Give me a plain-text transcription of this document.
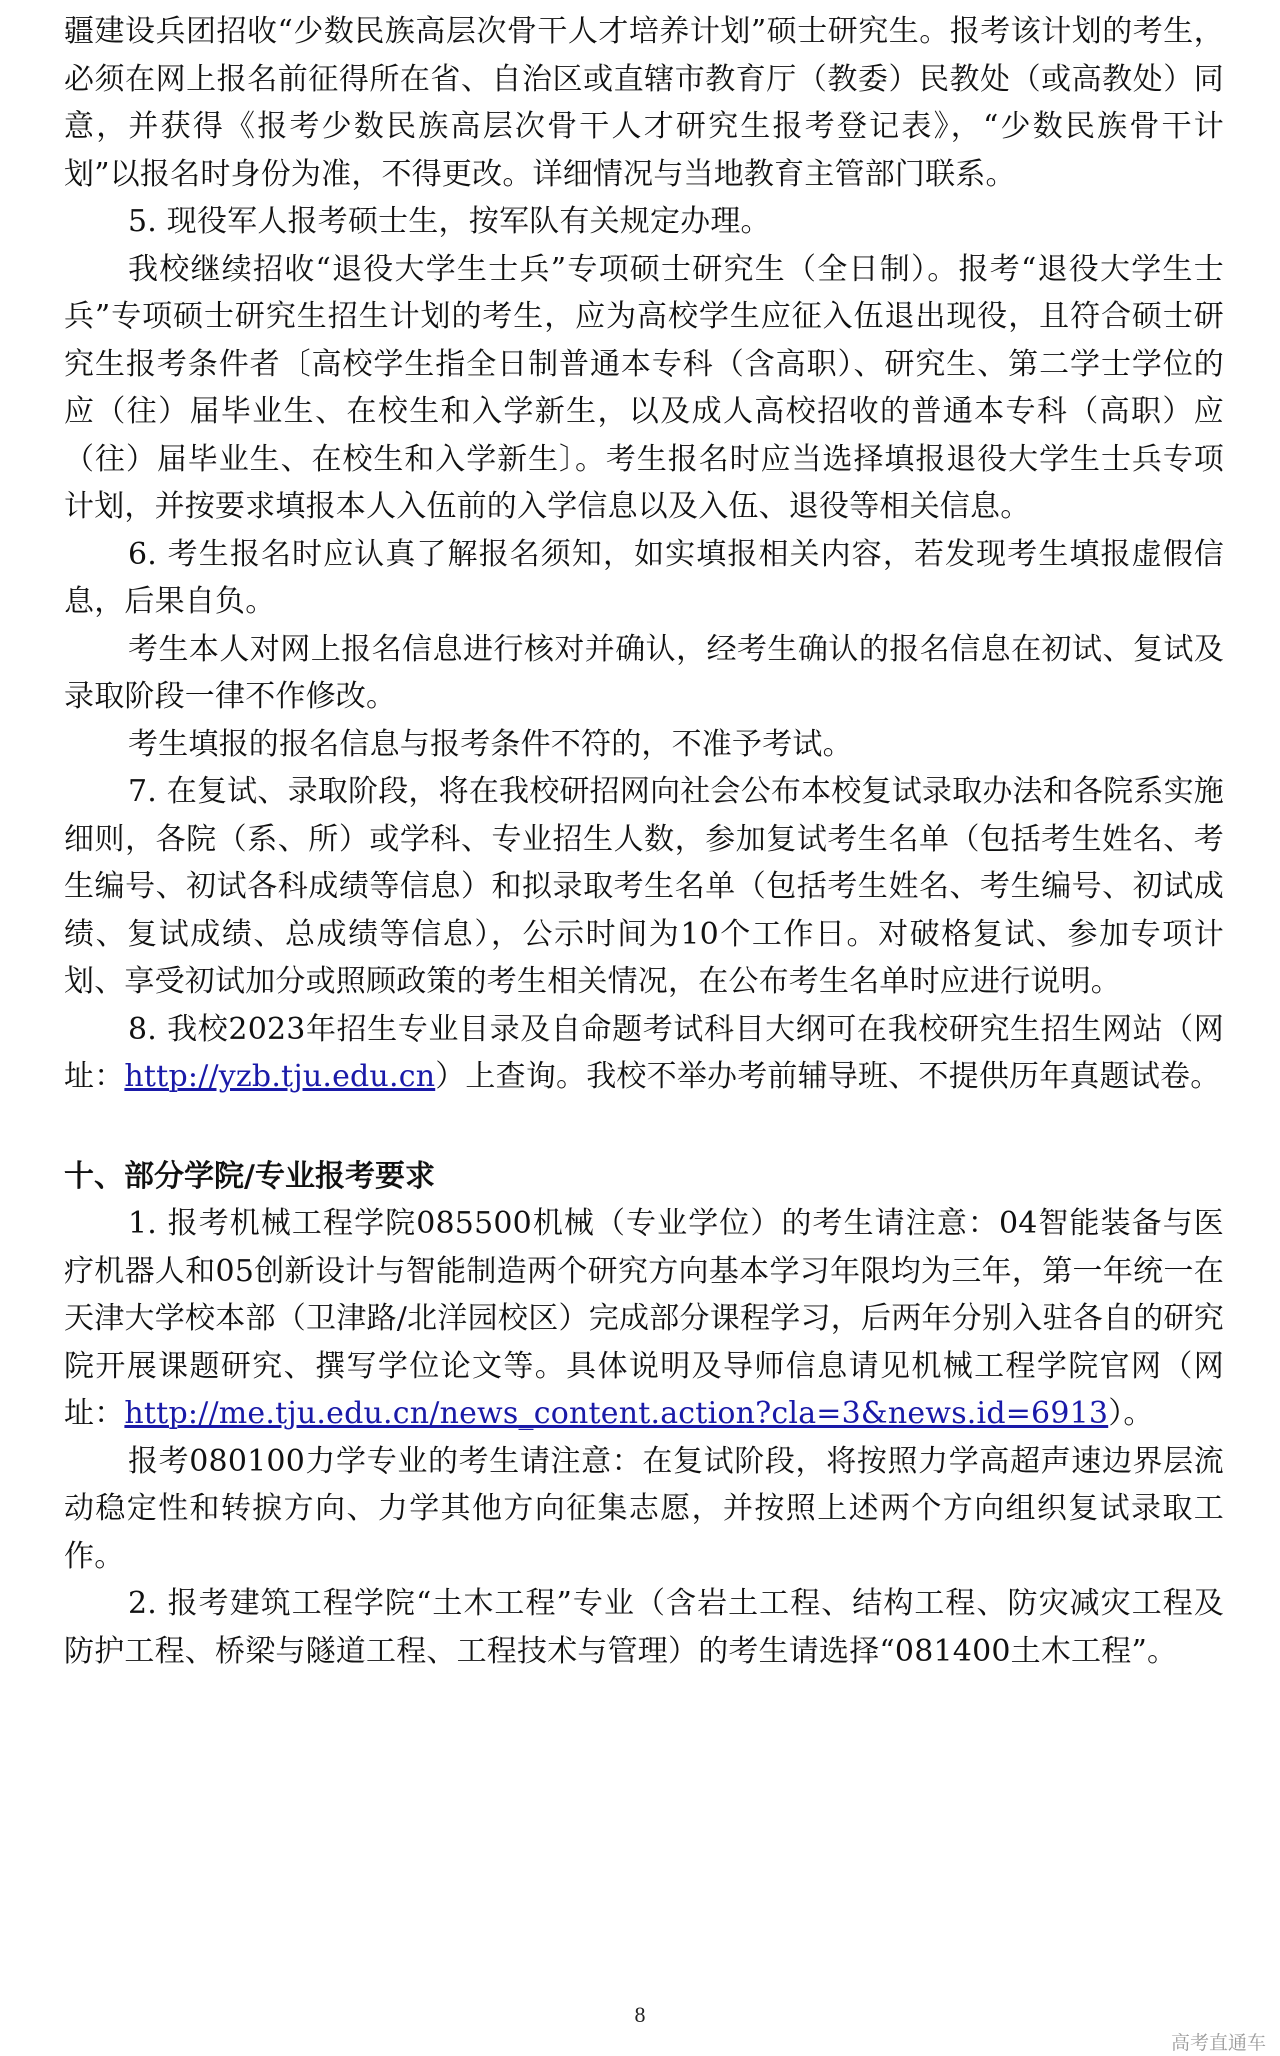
疆建设兵团招收“少数民族高层次骨干人才培养计划”硕士研究生。报考该计划的考生，必须在网上报名前征得所在省、自治区或直辖市教育厅（教委）民教处（或高教处）同意，并获得《报考少数民族高层次骨干人才研究生报考登记表》，“少数民族骨干计划”以报名时身份为准，不得更改。详细情况与当地教育主管部门联系。

5. 现役军人报考硕士生，按军队有关规定办理。

我校继续招收“退役大学生士兵”专项硕士研究生（全日制）。报考“退役大学生士兵”专项硕士研究生招生计划的考生，应为高校学生应征入伍退出现役，且符合硕士研究生报考条件者〔高校学生指全日制普通本专科（含高职）、研究生、第二学士学位的应（往）届毕业生、在校生和入学新生，以及成人高校招收的普通本专科（高职）应（往）届毕业生、在校生和入学新生〕。考生报名时应当选择填报退役大学生士兵专项计划，并按要求填报本人入伍前的入学信息以及入伍、退役等相关信息。

6. 考生报名时应认真了解报名须知，如实填报相关内容，若发现考生填报虚假信息，后果自负。

考生本人对网上报名信息进行核对并确认，经考生确认的报名信息在初试、复试及录取阶段一律不作修改。

考生填报的报名信息与报考条件不符的，不准予考试。

7. 在复试、录取阶段，将在我校研招网向社会公布本校复试录取办法和各院系实施细则，各院（系、所）或学科、专业招生人数，参加复试考生名单（包括考生姓名、考生编号、初试各科成绩等信息）和拟录取考生名单（包括考生姓名、考生编号、初试成绩、复试成绩、总成绩等信息），公示时间为10个工作日。对破格复试、参加专项计划、享受初试加分或照顾政策的考生相关情况，在公布考生名单时应进行说明。

8. 我校2023年招生专业目录及自命题考试科目大纲可在我校研究生招生网站（网址：http://yzb.tju.edu.cn）上查询。我校不举办考前辅导班、不提供历年真题试卷。

十、部分学院/专业报考要求

1. 报考机械工程学院085500机械（专业学位）的考生请注意：04智能装备与医疗机器人和05创新设计与智能制造两个研究方向基本学习年限均为三年，第一年统一在天津大学校本部（卫津路/北洋园校区）完成部分课程学习，后两年分别入驻各自的研究院开展课题研究、撰写学位论文等。具体说明及导师信息请见机械工程学院官网（网址：http://me.tju.edu.cn/news_content.action?cla=3&news.id=6913）。

报考080100力学专业的考生请注意：在复试阶段，将按照力学高超声速边界层流动稳定性和转捩方向、力学其他方向征集志愿，并按照上述两个方向组织复试录取工作。

2. 报考建筑工程学院“土木工程”专业（含岩土工程、结构工程、防灾减灾工程及防护工程、桥梁与隧道工程、工程技术与管理）的考生请选择“081400土木工程”。

8
高考直通车
